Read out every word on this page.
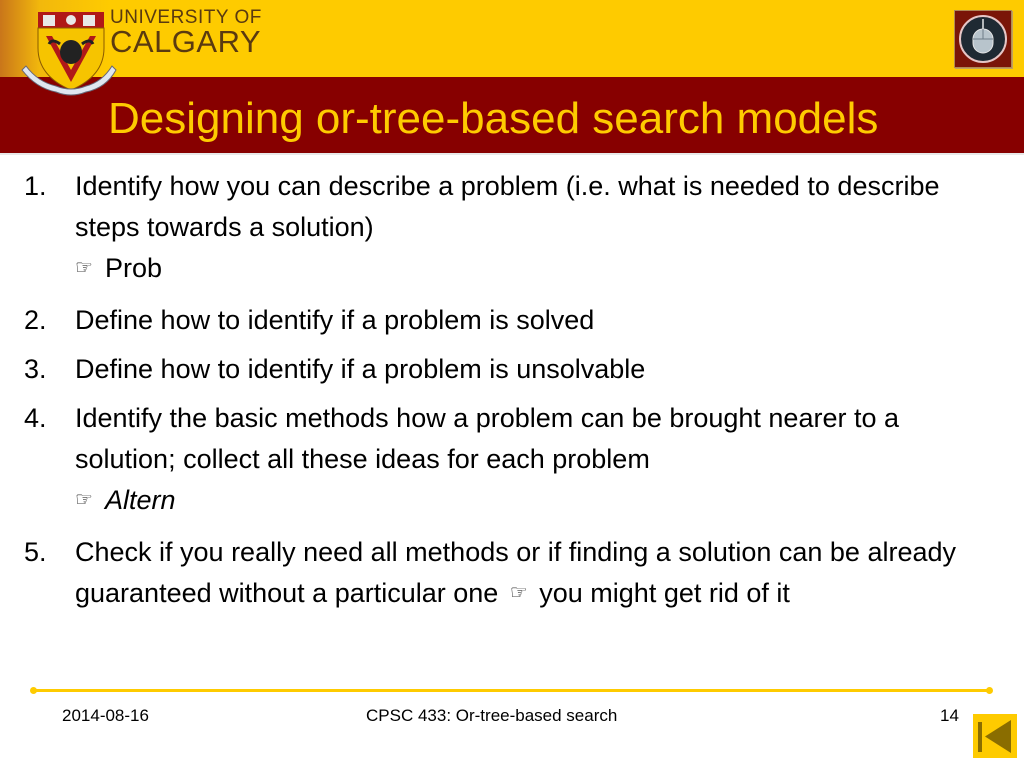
UNIVERSITY OF
CALGARY
Designing or-tree-based search models
1.	Identify how you can describe a problem (i.e. what is needed to describe steps towards a solution)
☞ Prob
2.	Define how to identify if a problem is solved
3.	Define how to identify if a problem is unsolvable
4.	Identify the basic methods how a problem can be brought nearer to a solution; collect all these ideas for each problem
☞ Altern
5.	Check if you really need all methods or if finding a solution can be already guaranteed without a particular one ☞ you might get rid of it
2014-08-16	CPSC 433: Or-tree-based search	14
